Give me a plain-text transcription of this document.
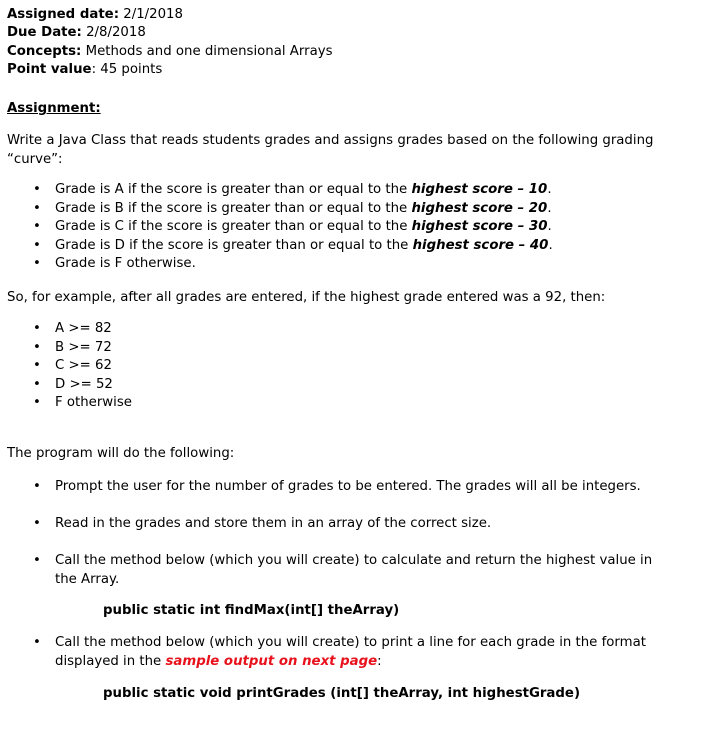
Assigned date: 2/1/2018
Due Date: 2/8/2018
Concepts: Methods and one dimensional Arrays
Point value: 45 points
Assignment:
Write a Java Class that reads students grades and assigns grades based on the following grading
“curve”:
• Grade is A if the score is greater than or equal to the highest score – 10.
• Grade is B if the score is greater than or equal to the highest score – 20.
• Grade is C if the score is greater than or equal to the highest score – 30.
• Grade is D if the score is greater than or equal to the highest score – 40.
• Grade is F otherwise.
So, for example, after all grades are entered, if the highest grade entered was a 92, then:
• A >= 82
• B >= 72
• C >= 62
• D >= 52
• F otherwise
The program will do the following:
• Prompt the user for the number of grades to be entered. The grades will all be integers.
• Read in the grades and store them in an array of the correct size.
• Call the method below (which you will create) to calculate and return the highest value in
the Array.
public static int findMax(int[] theArray)
• Call the method below (which you will create) to print a line for each grade in the format
displayed in the sample output on next page:
public static void printGrades (int[] theArray, int highestGrade)
